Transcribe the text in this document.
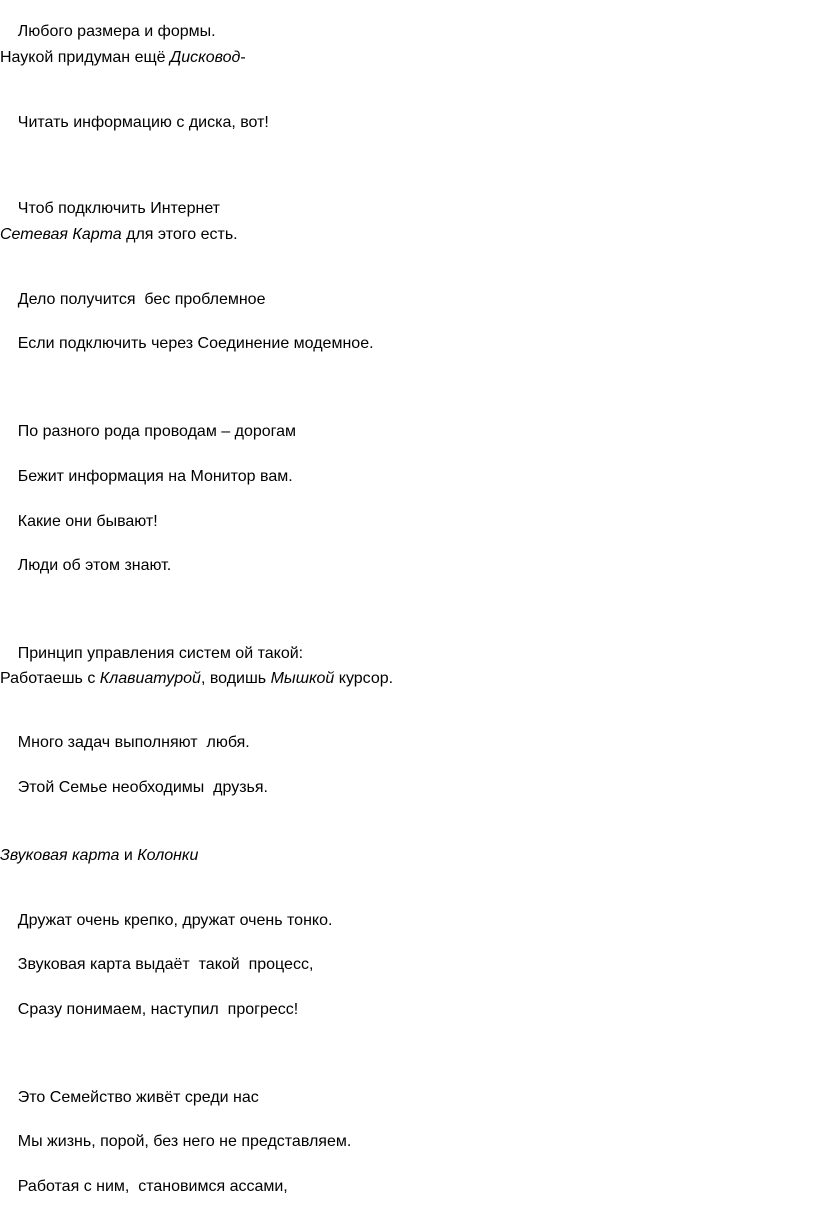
Любого размера и формы.

Наукой придуман ещё Дисковод-

Читать информацию с диска, вот!

Чтоб подключить Интернет

Сетевая Карта для этого есть.

Дело получится  бес проблемное

Если подключить через Соединение модемное.

По разного рода проводам – дорогам

Бежит информация на Монитор вам.

Какие они бывают!

Люди об этом знают.

Принцип управления систем ой такой:

Работаешь с Клавиатурой, водишь Мышкой курсор.

Много задач выполняют  любя.

Этой Семье необходимы  друзья.

Звуковая карта и Колонки

Дружат очень крепко, дружат очень тонко.

Звуковая карта выдаёт  такой  процесс,

Сразу понимаем, наступил  прогресс!

Это Семейство живёт среди нас

Мы жизнь, порой, без него не представляем.

Работая с ним,  становимся ассами,
